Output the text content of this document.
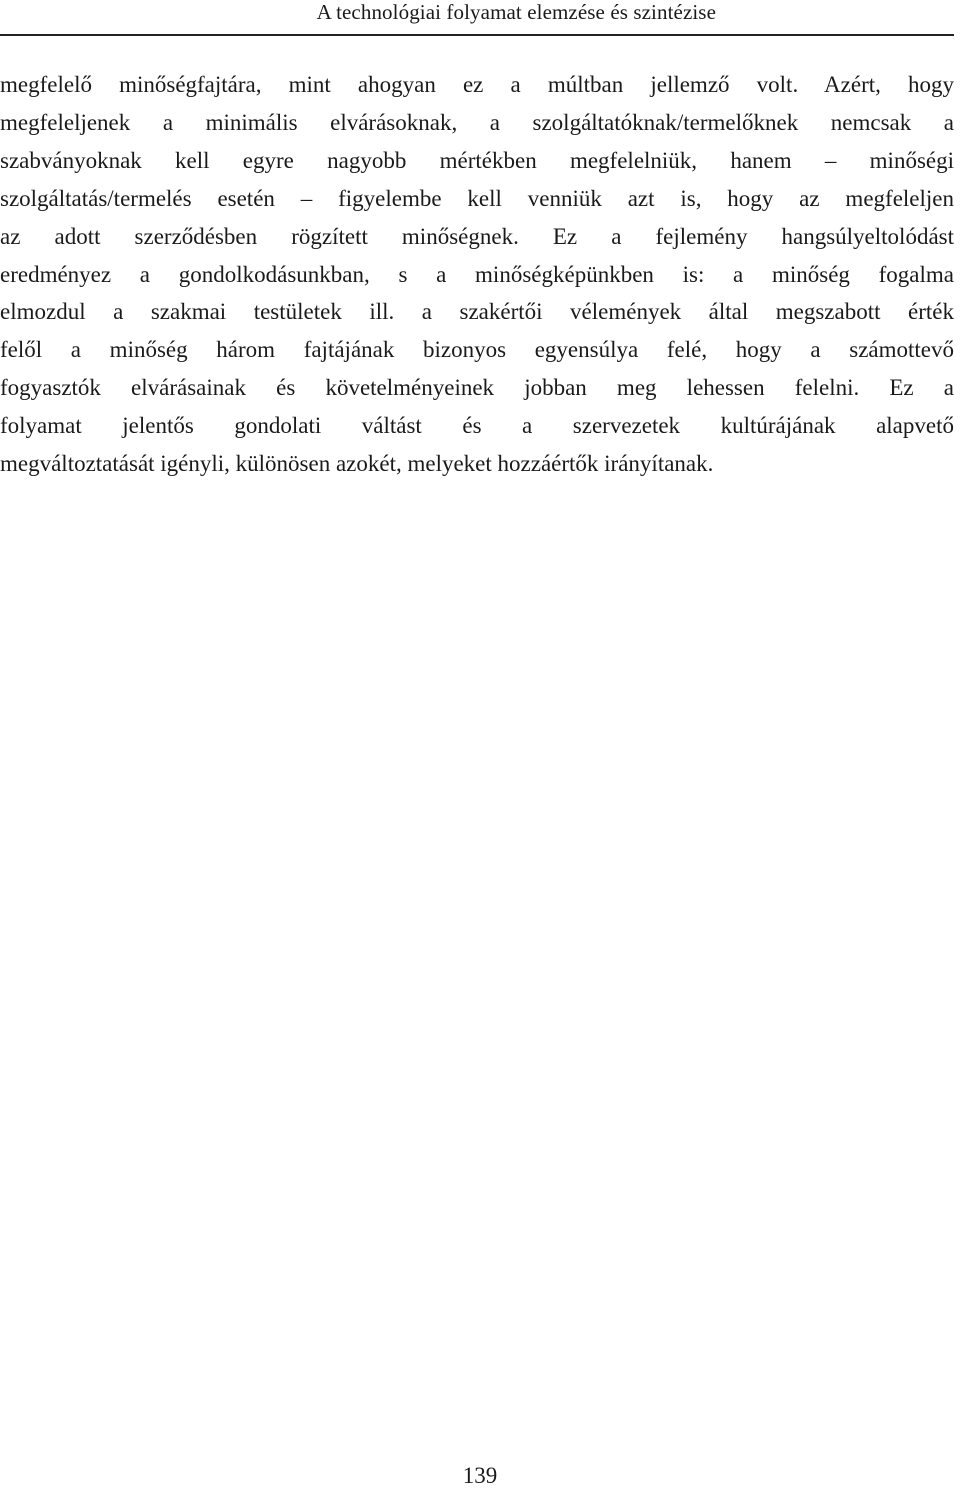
A technológiai folyamat elemzése és szintézise

megfelelő minőségfajtára, mint ahogyan ez a múltban jellemző volt. Azért, hogy
megfeleljenek a minimális elvárásoknak, a szolgáltatóknak/termelőknek nemcsak a
szabványoknak kell egyre nagyobb mértékben megfelelniük, hanem – minőségi
szolgáltatás/termelés esetén – figyelembe kell venniük azt is, hogy az megfeleljen
az adott szerződésben rögzített minőségnek. Ez a fejlemény hangsúlyeltolódást
eredményez a gondolkodásunkban, s a minőségképünkben is: a minőség fogalma
elmozdul a szakmai testületek ill. a szakértői vélemények által megszabott érték
felől a minőség három fajtájának bizonyos egyensúlya felé, hogy a számottevő
fogyasztók elvárásainak és követelményeinek jobban meg lehessen felelni. Ez a
folyamat jelentős gondolati váltást és a szervezetek kultúrájának alapvető
megváltoztatását igényli, különösen azokét, melyeket hozzáértők irányítanak.

139
